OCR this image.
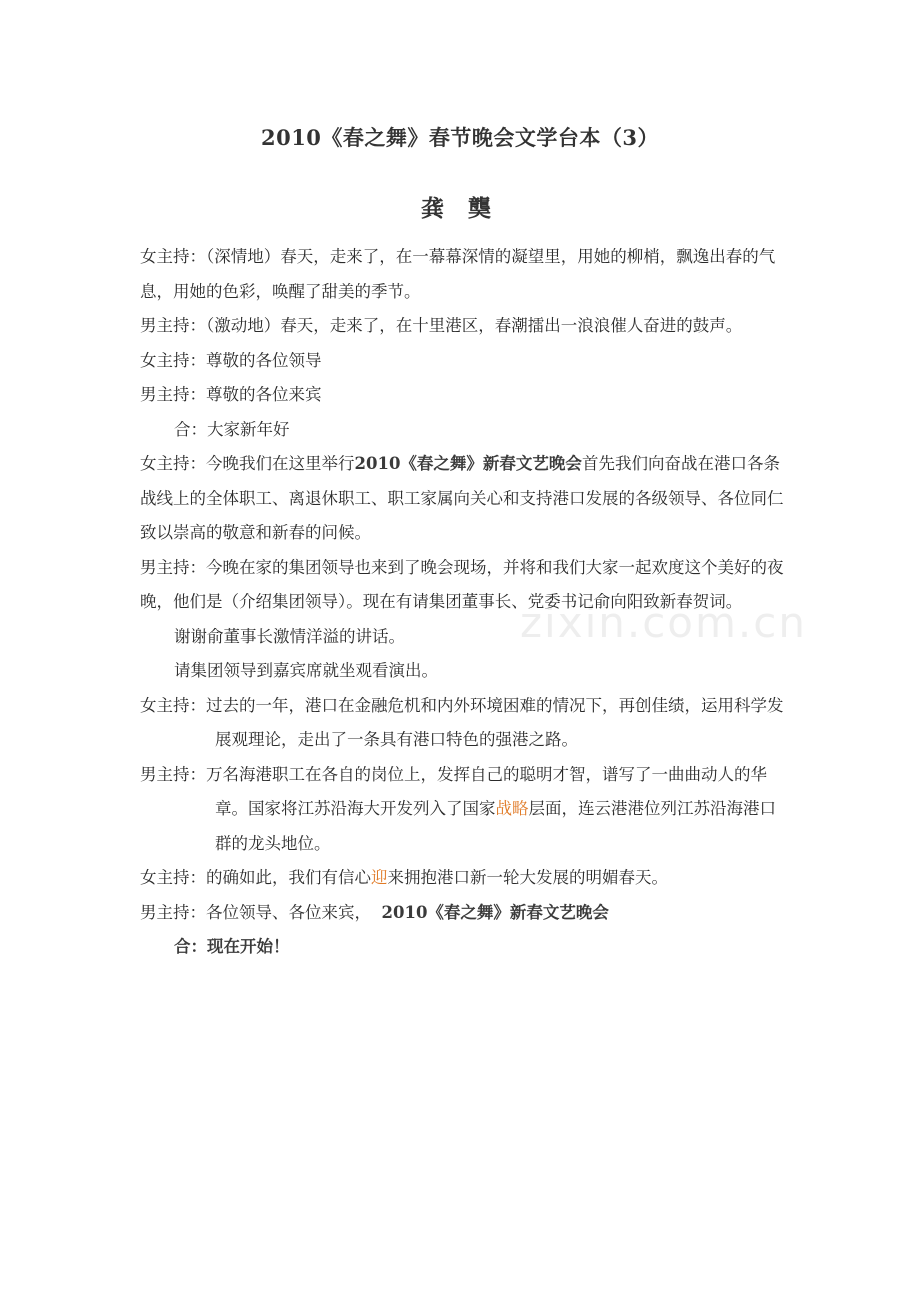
2010《春之舞》春节晚会文学台本（3）
龚 龑
zixin.com.cn

女主持：（深情地）春天，走来了，在一幕幕深情的凝望里，用她的柳梢，飘逸出春的气息，用她的色彩，唤醒了甜美的季节。

男主持：（激动地）春天，走来了，在十里港区，春潮擂出一浪浪催人奋进的鼓声。

女主持：尊敬的各位领导

男主持：尊敬的各位来宾

合：大家新年好

女主持：今晚我们在这里举行2010《春之舞》新春文艺晚会首先我们向奋战在港口各条战线上的全体职工、离退休职工、职工家属向关心和支持港口发展的各级领导、各位同仁致以崇高的敬意和新春的问候。

男主持：今晚在家的集团领导也来到了晚会现场，并将和我们大家一起欢度这个美好的夜晚，他们是（介绍集团领导）。现在有请集团董事长、党委书记俞向阳致新春贺词。

谢谢俞董事长激情洋溢的讲话。

请集团领导到嘉宾席就坐观看演出。

女主持：过去的一年，港口在金融危机和内外环境困难的情况下，再创佳绩，运用科学发展观理论，走出了一条具有港口特色的强港之路。

男主持：万名海港职工在各自的岗位上，发挥自己的聪明才智，谱写了一曲曲动人的华章。国家将江苏沿海大开发列入了国家战略层面，连云港港位列江苏沿海港口群的龙头地位。

女主持：的确如此，我们有信心迎来拥抱港口新一轮大发展的明媚春天。

男主持：各位领导、各位来宾， 2010《春之舞》新春文艺晚会

合：现在开始！
